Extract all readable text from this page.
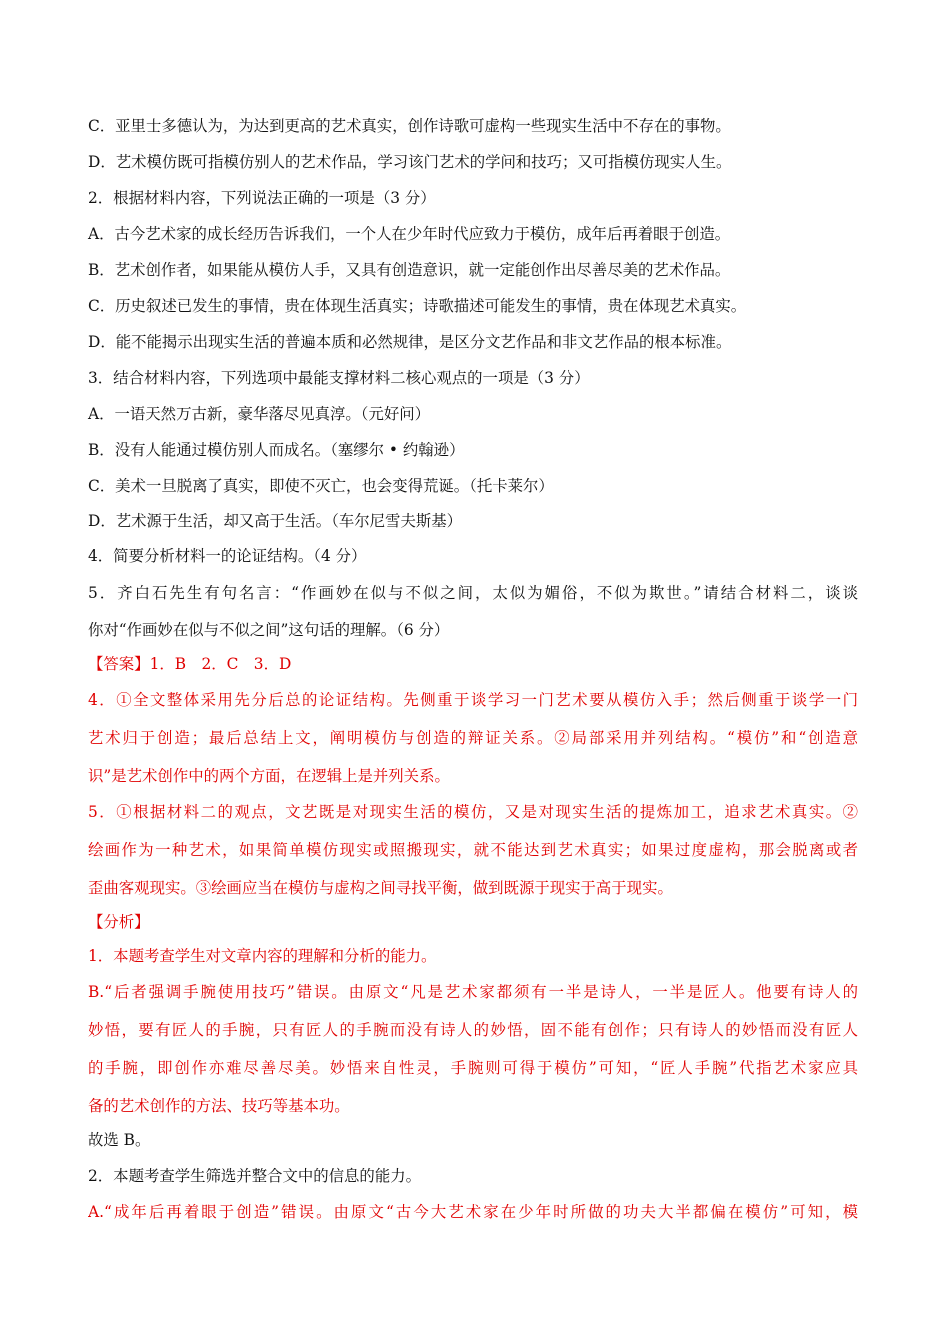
C．亚里士多德认为，为达到更高的艺术真实，创作诗歌可虚构一些现实生活中不存在的事物。
D．艺术模仿既可指模仿别人的艺术作品，学习该门艺术的学问和技巧；又可指模仿现实人生。
2．根据材料内容，下列说法正确的一项是（3 分）
A．古今艺术家的成长经历告诉我们，一个人在少年时代应致力于模仿，成年后再着眼于创造。
B．艺术创作者，如果能从模仿人手，又具有创造意识，就一定能创作出尽善尽美的艺术作品。
C．历史叙述已发生的事情，贵在体现生活真实；诗歌描述可能发生的事情，贵在体现艺术真实。
D．能不能揭示出现实生活的普遍本质和必然规律，是区分文艺作品和非文艺作品的根本标准。
3．结合材料内容，下列选项中最能支撑材料二核心观点的一项是（3 分）
A．一语天然万古新，豪华落尽见真淳。（元好问）
B．没有人能通过模仿别人而成名。（塞缪尔 • 约翰逊）
C．美术一旦脱离了真实，即使不灭亡，也会变得荒诞。（托卡莱尔）
D．艺术源于生活，却又高于生活。（车尔尼雪夫斯基）
4．简要分析材料一的论证结构。（4 分）
5．齐白石先生有句名言：“作画妙在似与不似之间，太似为媚俗，不似为欺世。”请结合材料二，谈谈
你对“作画妙在似与不似之间”这句话的理解。（6 分）
【答案】1．B　2．C　3．D
4．①全文整体采用先分后总的论证结构。先侧重于谈学习一门艺术要从模仿入手；然后侧重于谈学一门
艺术归于创造；最后总结上文，阐明模仿与创造的辩证关系。②局部采用并列结构。“模仿”和“创造意
识”是艺术创作中的两个方面，在逻辑上是并列关系。
5．①根据材料二的观点，文艺既是对现实生活的模仿，又是对现实生活的提炼加工，追求艺术真实。②
绘画作为一种艺术，如果简单模仿现实或照搬现实，就不能达到艺术真实；如果过度虚构，那会脱离或者
歪曲客观现实。③绘画应当在模仿与虚构之间寻找平衡，做到既源于现实于高于现实。
【分析】
1．本题考查学生对文章内容的理解和分析的能力。
B.“后者强调手腕使用技巧”错误。由原文“凡是艺术家都须有一半是诗人，一半是匠人。他要有诗人的
妙悟，要有匠人的手腕，只有匠人的手腕而没有诗人的妙悟，固不能有创作；只有诗人的妙悟而没有匠人
的手腕，即创作亦难尽善尽美。妙悟来自性灵，手腕则可得于模仿”可知，“匠人手腕”代指艺术家应具
备的艺术创作的方法、技巧等基本功。
故选 B。
2．本题考查学生筛选并整合文中的信息的能力。
A.“成年后再着眼于创造”错误。由原文“古今大艺术家在少年时所做的功夫大半都偏在模仿”可知，模
